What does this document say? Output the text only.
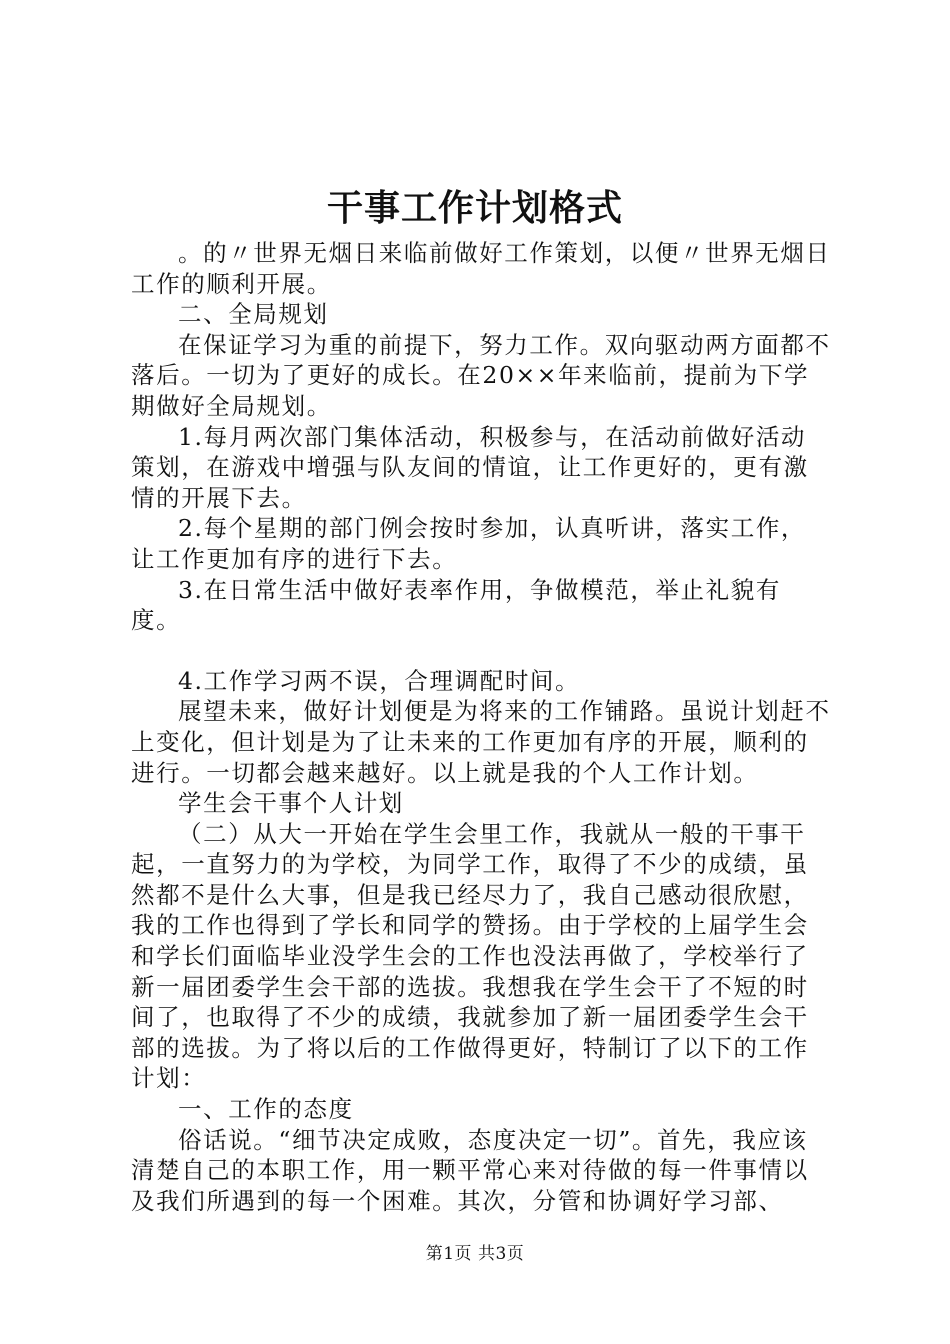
干事工作计划格式

。的〃世界无烟日来临前做好工作策划，以便〃世界无烟日工作的顺利开展。

二、全局规划

在保证学习为重的前提下，努力工作。双向驱动两方面都不落后。一切为了更好的成长。在20××年来临前，提前为下学期做好全局规划。

1.每月两次部门集体活动，积极参与，在活动前做好活动策划，在游戏中增强与队友间的情谊，让工作更好的，更有激情的开展下去。

2.每个星期的部门例会按时参加，认真听讲，落实工作，让工作更加有序的进行下去。

3.在日常生活中做好表率作用，争做模范，举止礼貌有度。

4.工作学习两不误，合理调配时间。

展望未来，做好计划便是为将来的工作铺路。虽说计划赶不上变化，但计划是为了让未来的工作更加有序的开展，顺利的进行。一切都会越来越好。以上就是我的个人工作计划。

学生会干事个人计划

（二）从大一开始在学生会里工作，我就从一般的干事干起，一直努力的为学校，为同学工作，取得了不少的成绩，虽然都不是什么大事，但是我已经尽力了，我自己感动很欣慰，我的工作也得到了学长和同学的赞扬。由于学校的上届学生会和学长们面临毕业没学生会的工作也没法再做了，学校举行了新一届团委学生会干部的选拔。我想我在学生会干了不短的时间了，也取得了不少的成绩，我就参加了新一届团委学生会干部的选拔。为了将以后的工作做得更好，特制订了以下的工作计划：

一、工作的态度

俗话说。“细节决定成败，态度决定一切”。首先，我应该清楚自己的本职工作，用一颗平常心来对待做的每一件事情以及我们所遇到的每一个困难。其次，分管和协调好学习部、

第1页 共3页
